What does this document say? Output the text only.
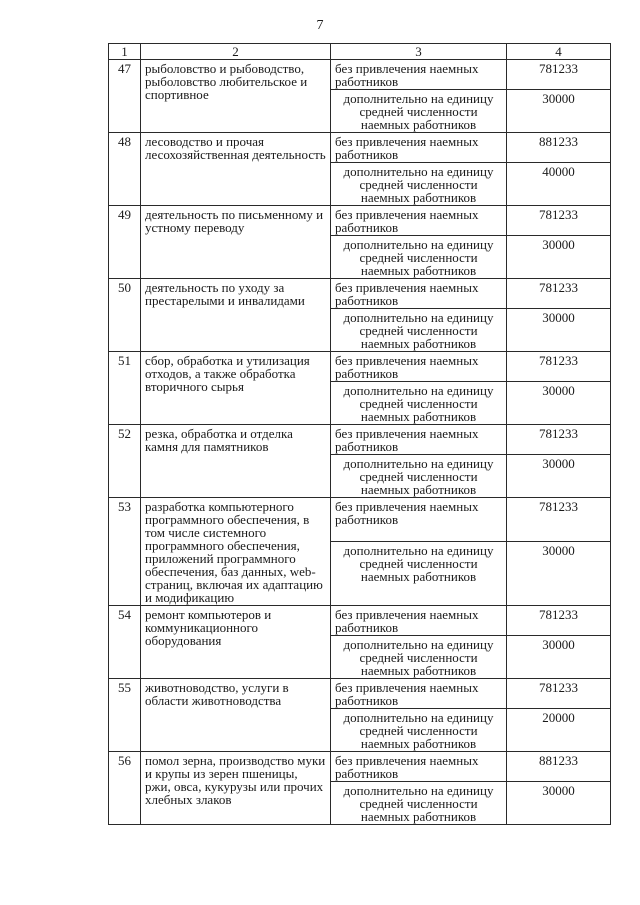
7
1	2	3	4
47	рыболовство и рыбоводство, рыболовство любительское и спортивное	без привлечения наемных работников	781233
		дополнительно на единицу средней численности наемных работников	30000
48	лесоводство и прочая лесохозяйственная деятельность	без привлечения наемных работников	881233
		дополнительно на единицу средней численности наемных работников	40000
49	деятельность по письменному и устному переводу	без привлечения наемных работников	781233
		дополнительно на единицу средней численности наемных работников	30000
50	деятельность по уходу за престарелыми и инвалидами	без привлечения наемных работников	781233
		дополнительно на единицу средней численности наемных работников	30000
51	сбор, обработка и утилизация отходов, а также обработка вторичного сырья	без привлечения наемных работников	781233
		дополнительно на единицу средней численности наемных работников	30000
52	резка, обработка и отделка камня для памятников	без привлечения наемных работников	781233
		дополнительно на единицу средней численности наемных работников	30000
53	разработка компьютерного программного обеспечения, в том числе системного программного обеспечения, приложений программного обеспечения, баз данных, web-страниц, включая их адаптацию и модификацию	без привлечения наемных работников	781233
		дополнительно на единицу средней численности наемных работников	30000
54	ремонт компьютеров и коммуникационного оборудования	без привлечения наемных работников	781233
		дополнительно на единицу средней численности наемных работников	30000
55	животноводство, услуги в области животноводства	без привлечения наемных работников	781233
		дополнительно на единицу средней численности наемных работников	20000
56	помол зерна, производство муки и крупы из зерен пшеницы, ржи, овса, кукурузы или прочих хлебных злаков	без привлечения наемных работников	881233
		дополнительно на единицу средней численности наемных работников	30000
